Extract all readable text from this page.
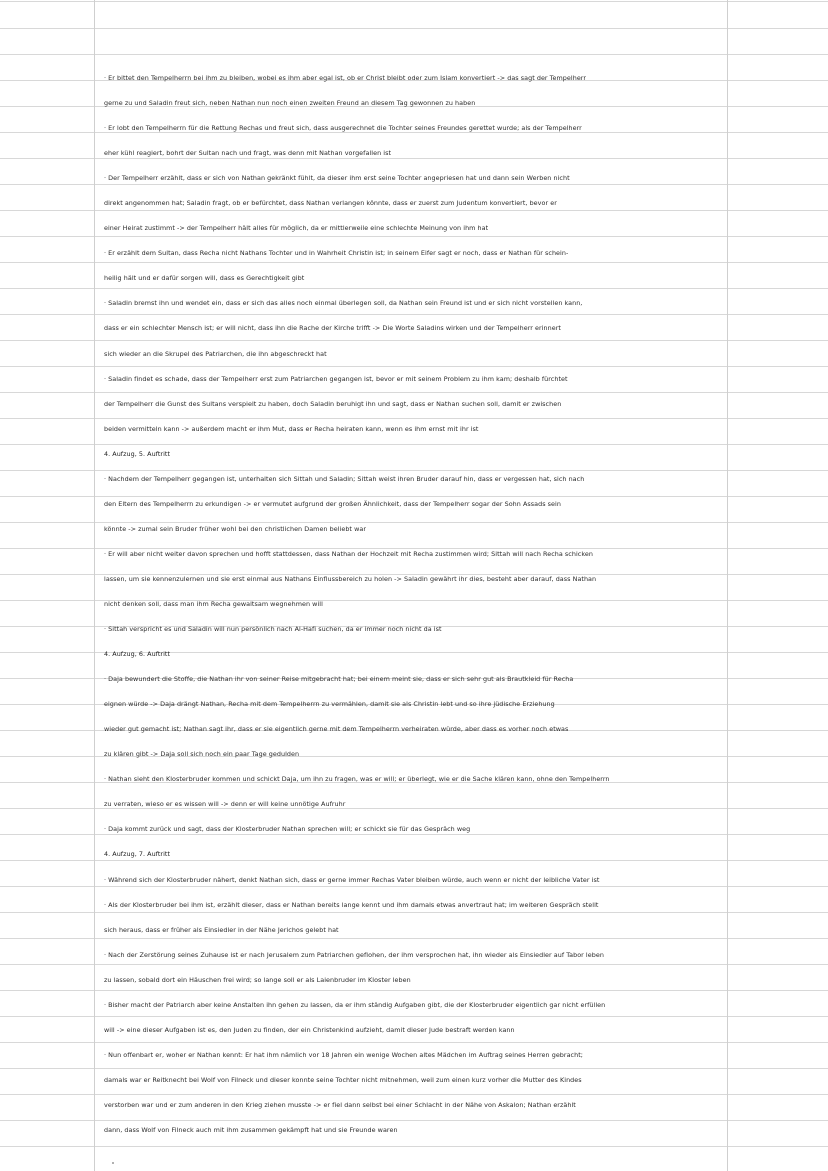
· Er bittet den Tempelherrn bei ihm zu bleiben, wobei es ihm aber egal ist, ob er Christ bleibt oder zum Islam konvertiert -> das sagt der Tempelherr
gerne zu und Saladin freut sich, neben Nathan nun noch einen zweiten Freund an diesem Tag gewonnen zu haben
· Er lobt den Tempelherrn für die Rettung Rechas und freut sich, dass ausgerechnet die Tochter seines Freundes gerettet wurde; als der Tempelherr
eher kühl reagiert, bohrt der Sultan nach und fragt, was denn mit Nathan vorgefallen ist
· Der Tempelherr erzählt, dass er sich von Nathan gekränkt fühlt, da dieser ihm erst seine Tochter angepriesen hat und dann sein Werben nicht
direkt angenommen hat; Saladin fragt, ob er befürchtet, dass Nathan verlangen könnte, dass er zuerst zum Judentum konvertiert, bevor er
einer Heirat zustimmt -> der Tempelherr hält alles für möglich, da er mittlerweile eine schlechte Meinung von ihm hat
· Er erzählt dem Sultan, dass Recha nicht Nathans Tochter und in Wahrheit Christin ist; in seinem Eifer sagt er noch, dass er Nathan für schein-
heilig hält und er dafür sorgen will, dass es Gerechtigkeit gibt
· Saladin bremst ihn und wendet ein, dass er sich das alles noch einmal überlegen soll, da Nathan sein Freund ist und er sich nicht vorstellen kann,
dass er ein schlechter Mensch ist; er will nicht, dass ihn die Rache der Kirche trifft -> Die Worte Saladins wirken und der Tempelherr erinnert
sich wieder an die Skrupel des Patriarchen, die ihn abgeschreckt hat
· Saladin findet es schade, dass der Tempelherr erst zum Patriarchen gegangen ist, bevor er mit seinem Problem zu ihm kam; deshalb fürchtet
der Tempelherr die Gunst des Sultans verspielt zu haben, doch Saladin beruhigt ihn und sagt, dass er Nathan suchen soll, damit er zwischen
beiden vermitteln kann -> außerdem macht er ihm Mut, dass er Recha heiraten kann, wenn es ihm ernst mit ihr ist
4. Aufzug, 5. Auftritt
· Nachdem der Tempelherr gegangen ist, unterhalten sich Sittah und Saladin; Sittah weist ihren Bruder darauf hin, dass er vergessen hat, sich nach
den Eltern des Tempelherrn zu erkundigen -> er vermutet aufgrund der großen Ähnlichkeit, dass der Tempelherr sogar der Sohn Assads sein
könnte -> zumal sein Bruder früher wohl bei den christlichen Damen beliebt war
· Er will aber nicht weiter davon sprechen und hofft stattdessen, dass Nathan der Hochzeit mit Recha zustimmen wird; Sittah will nach Recha schicken
lassen, um sie kennenzulernen und sie erst einmal aus Nathans Einflussbereich zu holen -> Saladin gewährt ihr dies, besteht aber darauf, dass Nathan
nicht denken soll, dass man ihm Recha gewaltsam wegnehmen will
· Sittah verspricht es und Saladin will nun persönlich nach Al-Hafi suchen, da er immer noch nicht da ist
4. Aufzug, 6. Auftritt
· Daja bewundert die Stoffe, die Nathan ihr von seiner Reise mitgebracht hat; bei einem meint sie, dass er sich sehr gut als Brautkleid für Recha
eignen würde -> Daja drängt Nathan, Recha mit dem Tempelherrn zu vermählen, damit sie als Christin lebt und so ihre jüdische Erziehung
wieder gut gemacht ist; Nathan sagt ihr, dass er sie eigentlich gerne mit dem Tempelherrn verheiraten würde, aber dass es vorher noch etwas
zu klären gibt -> Daja soll sich noch ein paar Tage gedulden
· Nathan sieht den Klosterbruder kommen und schickt Daja, um ihn zu fragen, was er will; er überlegt, wie er die Sache klären kann, ohne den Tempelherrn
zu verraten, wieso er es wissen will -> denn er will keine unnötige Aufruhr
· Daja kommt zurück und sagt, dass der Klosterbruder Nathan sprechen will; er schickt sie für das Gespräch weg
4. Aufzug, 7. Auftritt
· Während sich der Klosterbruder nähert, denkt Nathan sich, dass er gerne immer Rechas Vater bleiben würde, auch wenn er nicht der leibliche Vater ist
· Als der Klosterbruder bei ihm ist, erzählt dieser, dass er Nathan bereits lange kennt und ihm damals etwas anvertraut hat; im weiteren Gespräch stellt
sich heraus, dass er früher als Einsiedler in der Nähe Jerichos gelebt hat
· Nach der Zerstörung seines Zuhause ist er nach Jerusalem zum Patriarchen geflohen, der ihm versprochen hat, ihn wieder als Einsiedler auf Tabor leben
zu lassen, sobald dort ein Häuschen frei wird; so lange soll er als Laienbruder im Kloster leben
· Bisher macht der Patriarch aber keine Anstalten ihn gehen zu lassen, da er ihm ständig Aufgaben gibt, die der Klosterbruder eigentlich gar nicht erfüllen
will -> eine dieser Aufgaben ist es, den Juden zu finden, der ein Christenkind aufzieht, damit dieser Jude bestraft werden kann
· Nun offenbart er, woher er Nathan kennt: Er hat ihm nämlich vor 18 Jahren ein wenige Wochen altes Mädchen im Auftrag seines Herren gebracht;
damals war er Reitknecht bei Wolf von Filneck und dieser konnte seine Tochter nicht mitnehmen, weil zum einen kurz vorher die Mutter des Kindes
verstorben war und er zum anderen in den Krieg ziehen musste -> er fiel dann selbst bei einer Schlacht in der Nähe von Askalon; Nathan erzählt
dann, dass Wolf von Filneck auch mit ihm zusammen gekämpft hat und sie Freunde waren
